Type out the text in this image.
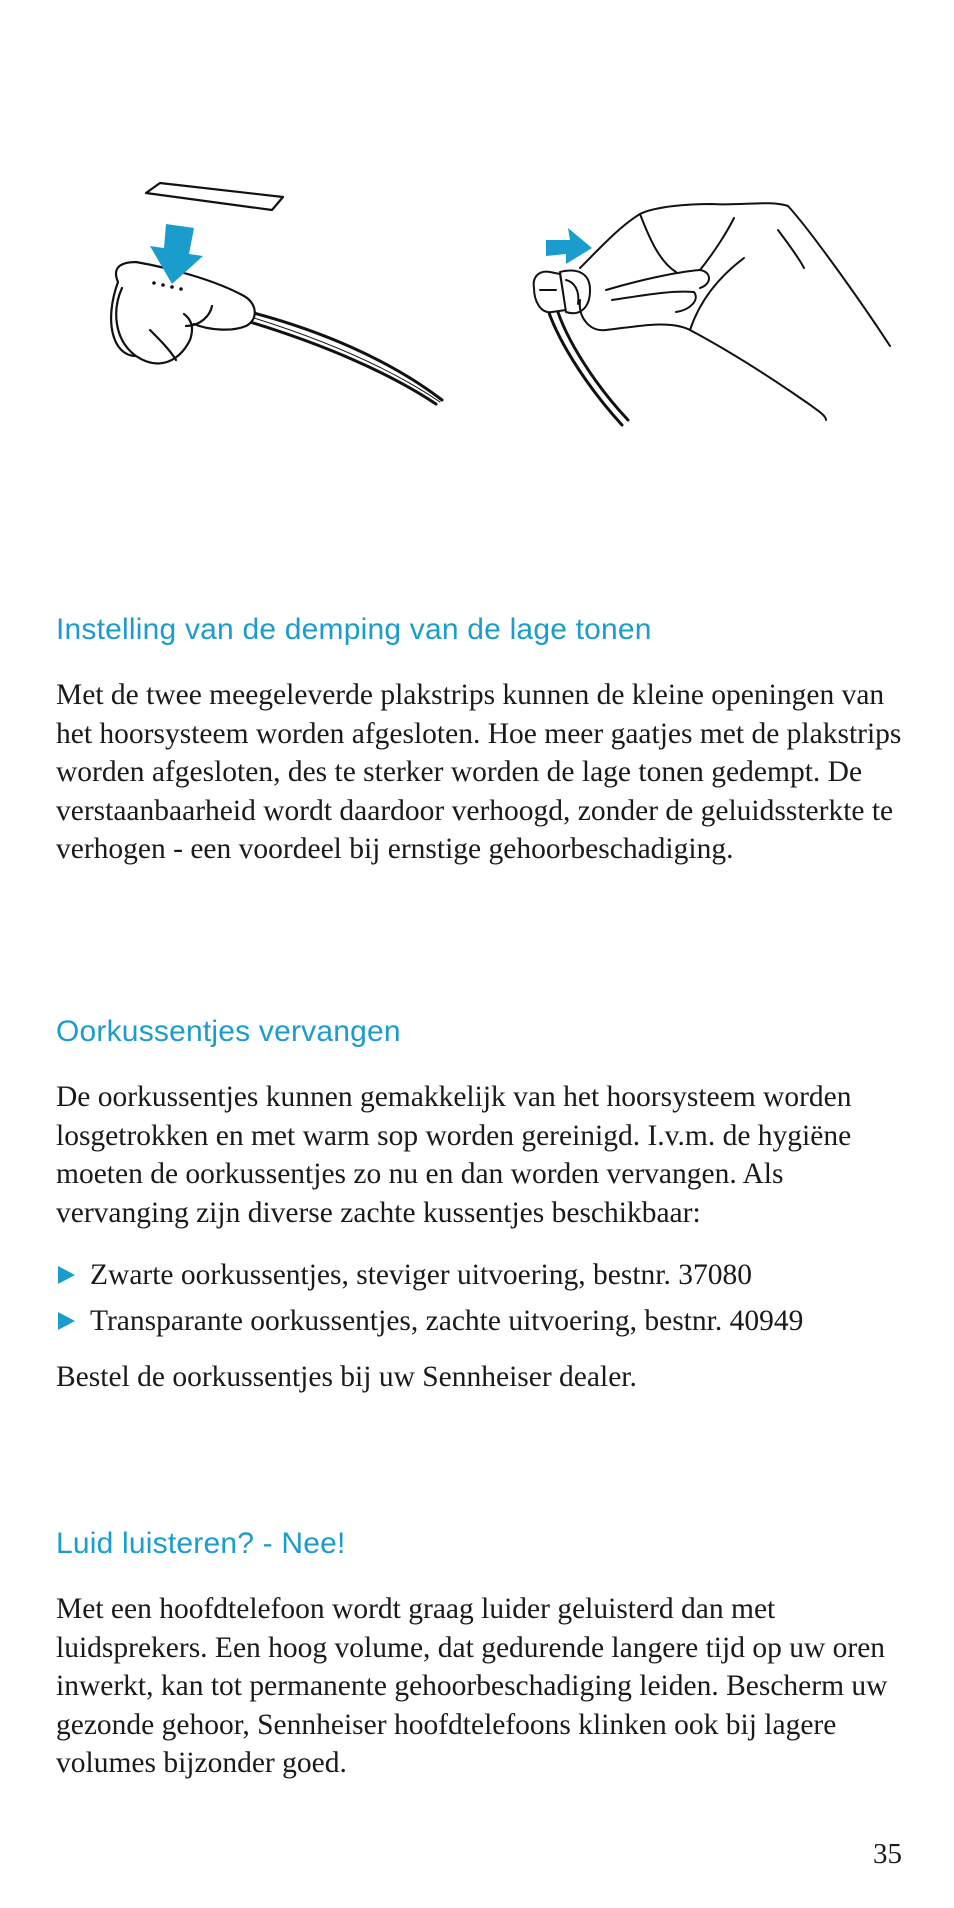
Instelling van de demping van de lage tonen

Met de twee meegeleverde plakstrips kunnen de kleine openingen van het hoorsysteem worden afgesloten. Hoe meer gaatjes met de plakstrips worden afgesloten, des te sterker worden de lage tonen gedempt. De verstaanbaarheid wordt daardoor verhoogd, zonder de geluidssterkte te verhogen - een voordeel bij ernstige gehoorbeschadiging.

Oorkussentjes vervangen

De oorkussentjes kunnen gemakkelijk van het hoorsysteem worden losgetrokken en met warm sop worden gereinigd. I.v.m. de hygiëne moeten de oorkussentjes zo nu en dan worden vervangen. Als vervanging zijn diverse zachte kussentjes beschikbaar:

Zwarte oorkussentjes, steviger uitvoering, bestnr. 37080
Transparante oorkussentjes, zachte uitvoering, bestnr. 40949

Bestel de oorkussentjes bij uw Sennheiser dealer.

Luid luisteren? - Nee!

Met een hoofdtelefoon wordt graag luider geluisterd dan met luidsprekers. Een hoog volume, dat gedurende langere tijd op uw oren inwerkt, kan tot permanente gehoorbeschadiging leiden. Bescherm uw gezonde gehoor, Sennheiser hoofdtelefoons klinken ook bij lagere volumes bijzonder goed.

35
